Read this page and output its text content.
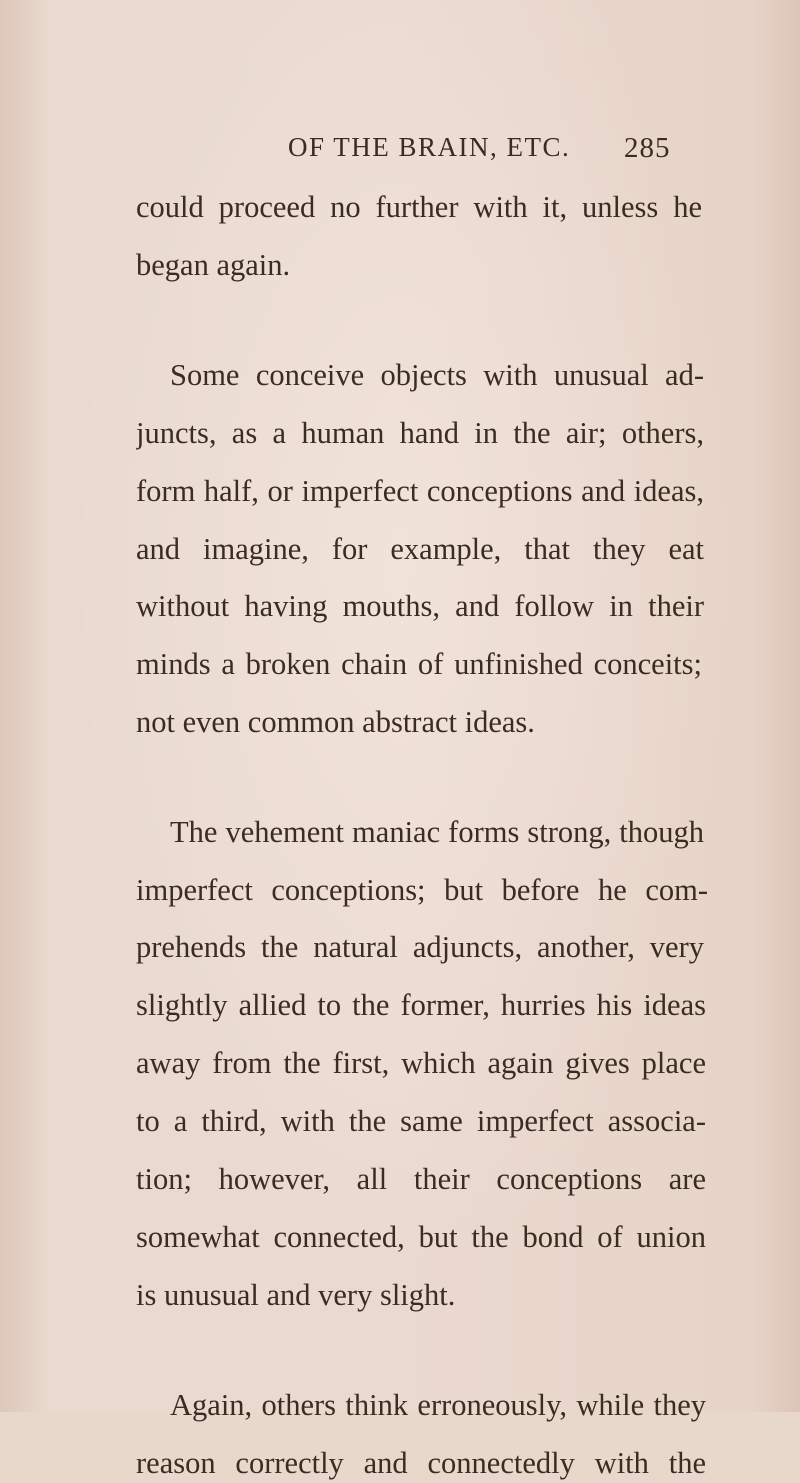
OF THE BRAIN, ETC. 285
could proceed no further with it, unless he
began again.
Some conceive objects with unusual ad-
juncts, as a human hand in the air; others,
form half, or imperfect conceptions and ideas,
and imagine, for example, that they eat
without having mouths, and follow in their
minds a broken chain of unfinished conceits;
not even common abstract ideas.
The vehement maniac forms strong, though
imperfect conceptions; but before he com-
prehends the natural adjuncts, another, very
slightly allied to the former, hurries his ideas
away from the first, which again gives place
to a third, with the same imperfect associa-
tion; however, all their conceptions are
somewhat connected, but the bond of union
is unusual and very slight.
Again, others think erroneously, while they
reason correctly and connectedly with the
